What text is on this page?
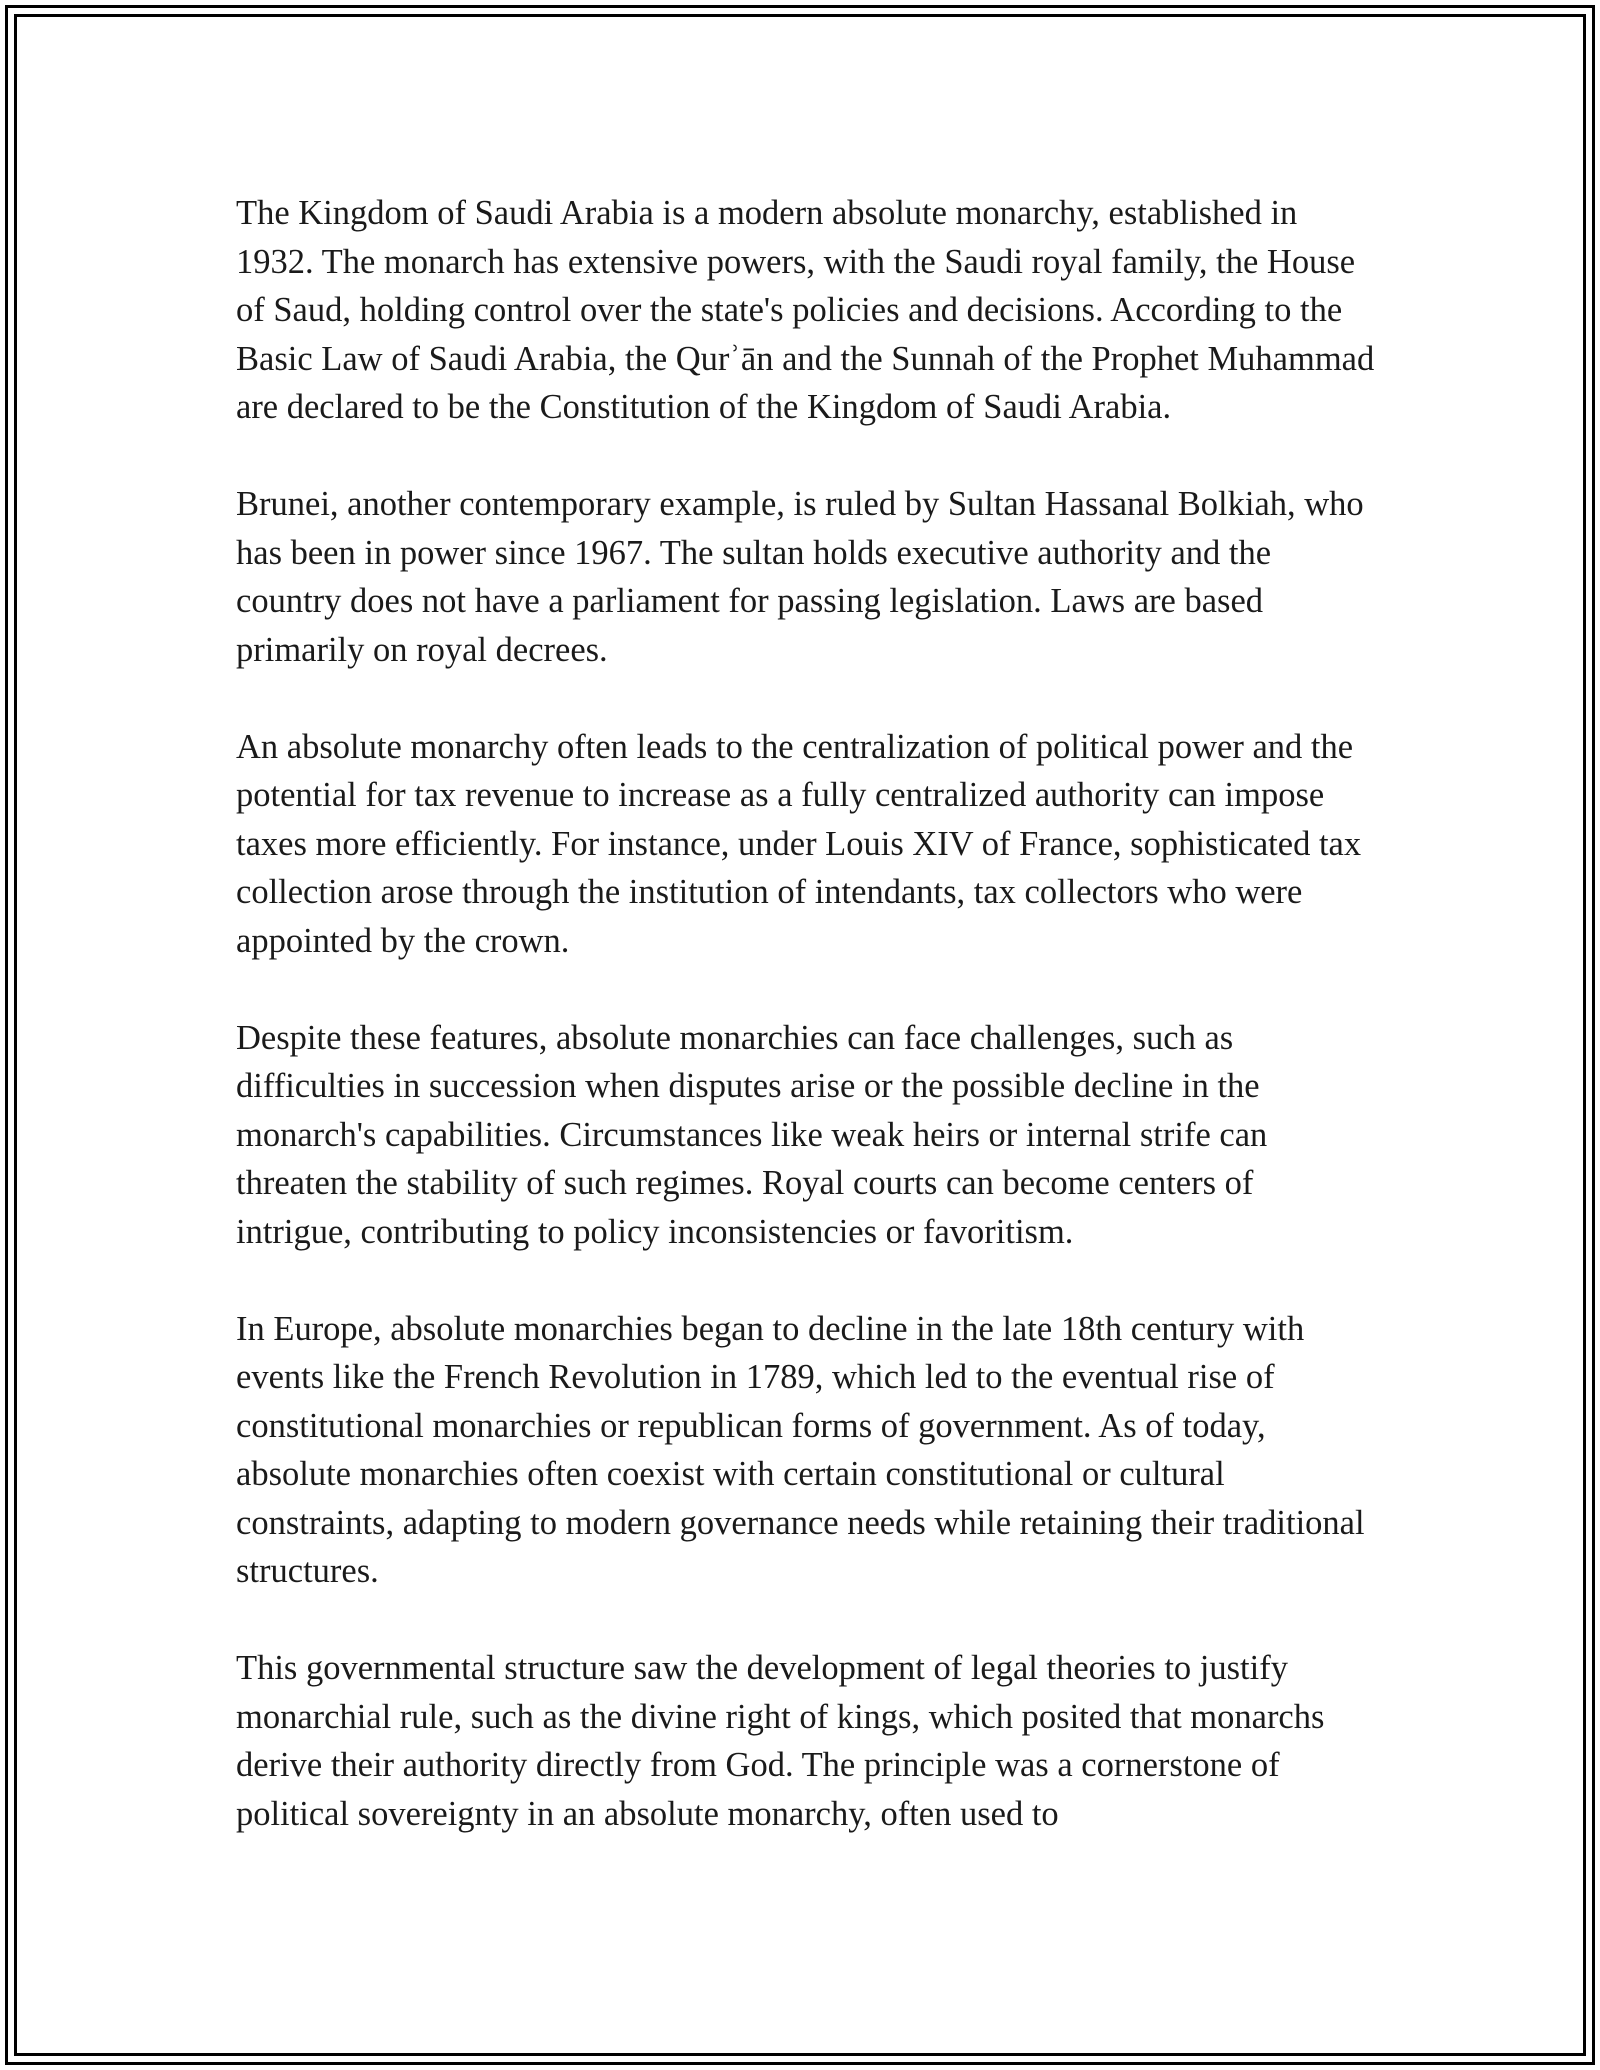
The Kingdom of Saudi Arabia is a modern absolute monarchy, established in 1932. The monarch has extensive powers, with the Saudi royal family, the House of Saud, holding control over the state's policies and decisions. According to the Basic Law of Saudi Arabia, the Qurʾān and the Sunnah of the Prophet Muhammad are declared to be the Constitution of the Kingdom of Saudi Arabia.

Brunei, another contemporary example, is ruled by Sultan Hassanal Bolkiah, who has been in power since 1967. The sultan holds executive authority and the country does not have a parliament for passing legislation. Laws are based primarily on royal decrees.

An absolute monarchy often leads to the centralization of political power and the potential for tax revenue to increase as a fully centralized authority can impose taxes more efficiently. For instance, under Louis XIV of France, sophisticated tax collection arose through the institution of intendants, tax collectors who were appointed by the crown.

Despite these features, absolute monarchies can face challenges, such as difficulties in succession when disputes arise or the possible decline in the monarch's capabilities. Circumstances like weak heirs or internal strife can threaten the stability of such regimes. Royal courts can become centers of intrigue, contributing to policy inconsistencies or favoritism.

In Europe, absolute monarchies began to decline in the late 18th century with events like the French Revolution in 1789, which led to the eventual rise of constitutional monarchies or republican forms of government. As of today, absolute monarchies often coexist with certain constitutional or cultural constraints, adapting to modern governance needs while retaining their traditional structures.

This governmental structure saw the development of legal theories to justify monarchial rule, such as the divine right of kings, which posited that monarchs derive their authority directly from God. The principle was a cornerstone of political sovereignty in an absolute monarchy, often used to
